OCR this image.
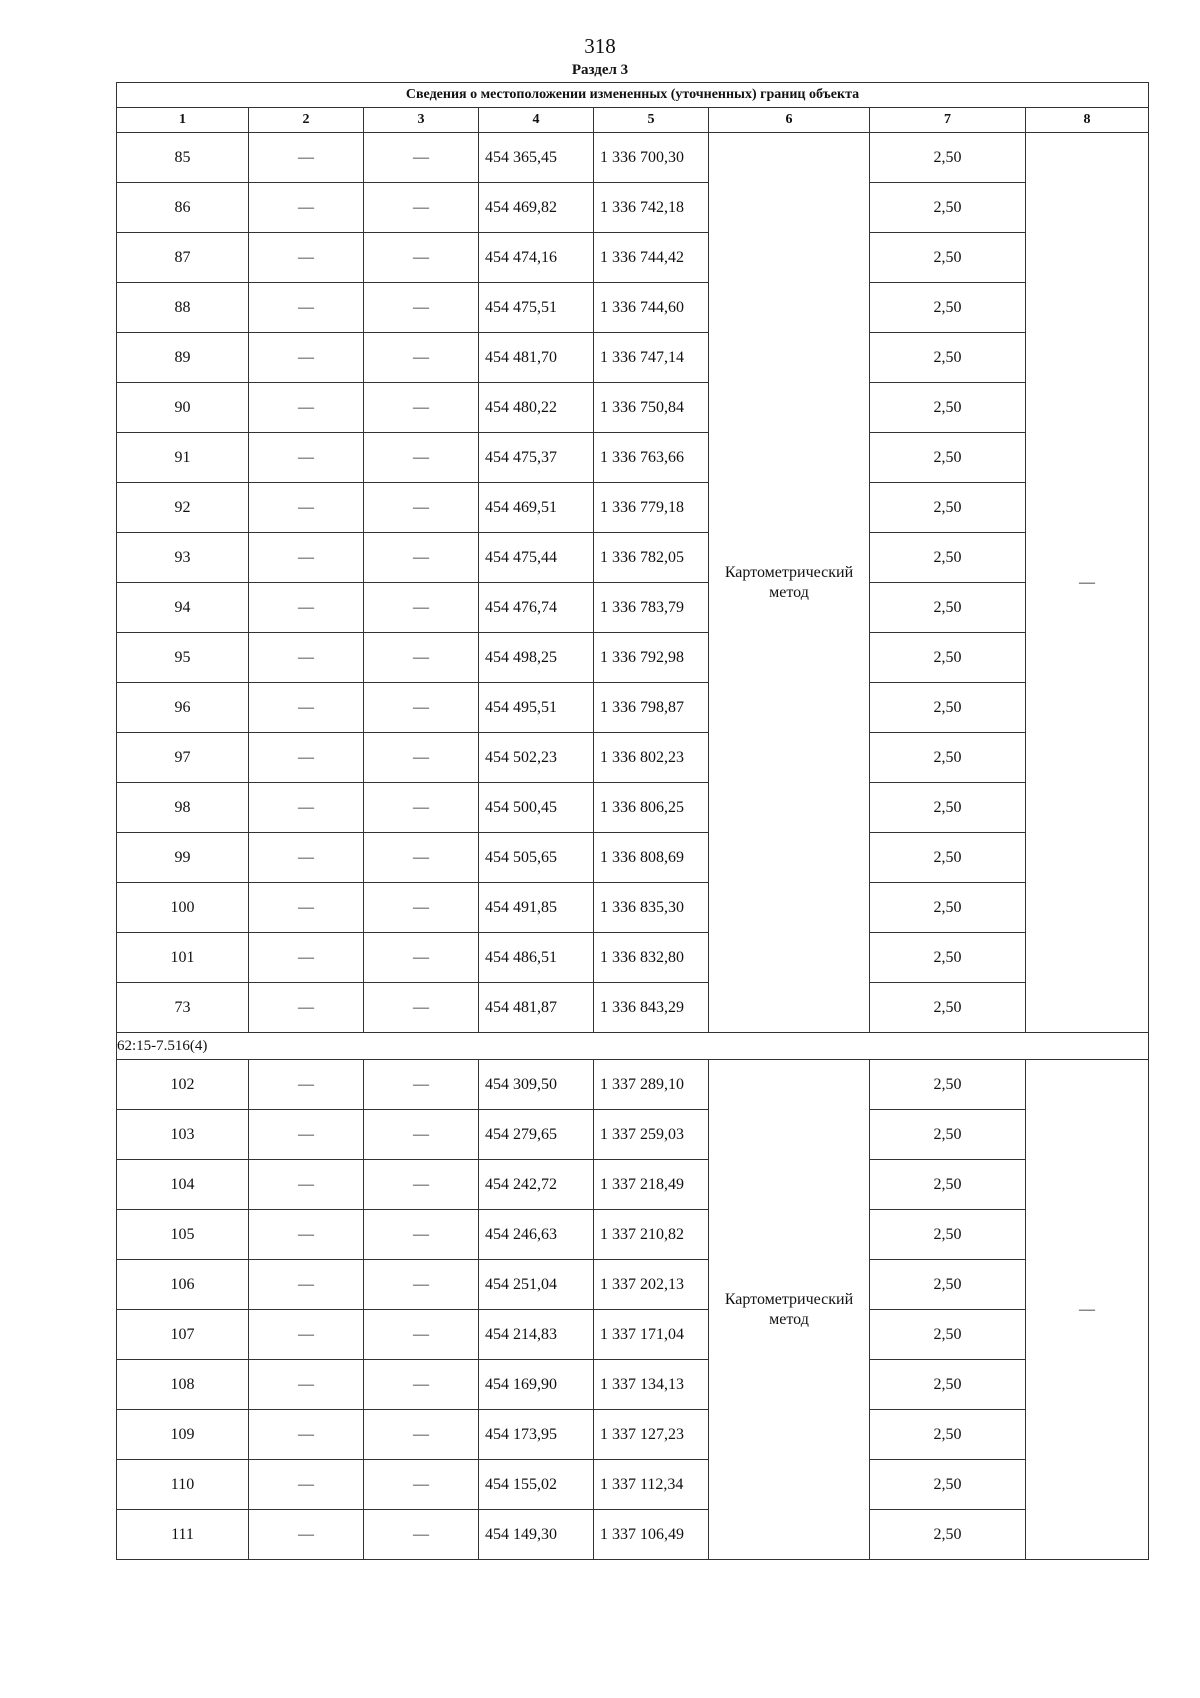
318
Раздел 3
Сведения о местоположении измененных (уточненных) границ объекта							
1	2	3	4	5	6	7	8
85	—	—	454 365,45	1 336 700,30	Картометрический метод	2,50	—
86	—	—	454 469,82	1 336 742,18		2,50	
87	—	—	454 474,16	1 336 744,42		2,50	
88	—	—	454 475,51	1 336 744,60		2,50	
89	—	—	454 481,70	1 336 747,14		2,50	
90	—	—	454 480,22	1 336 750,84		2,50	
91	—	—	454 475,37	1 336 763,66		2,50	
92	—	—	454 469,51	1 336 779,18		2,50	
93	—	—	454 475,44	1 336 782,05		2,50	
94	—	—	454 476,74	1 336 783,79		2,50	
95	—	—	454 498,25	1 336 792,98		2,50	
96	—	—	454 495,51	1 336 798,87		2,50	
97	—	—	454 502,23	1 336 802,23		2,50	
98	—	—	454 500,45	1 336 806,25		2,50	
99	—	—	454 505,65	1 336 808,69		2,50	
100	—	—	454 491,85	1 336 835,30		2,50	
101	—	—	454 486,51	1 336 832,80		2,50	
73	—	—	454 481,87	1 336 843,29		2,50	
62:15-7.516(4)							
102	—	—	454 309,50	1 337 289,10	Картометрический метод	2,50	—
103	—	—	454 279,65	1 337 259,03		2,50	
104	—	—	454 242,72	1 337 218,49		2,50	
105	—	—	454 246,63	1 337 210,82		2,50	
106	—	—	454 251,04	1 337 202,13		2,50	
107	—	—	454 214,83	1 337 171,04		2,50	
108	—	—	454 169,90	1 337 134,13		2,50	
109	—	—	454 173,95	1 337 127,23		2,50	
110	—	—	454 155,02	1 337 112,34		2,50	
111	—	—	454 149,30	1 337 106,49		2,50	
